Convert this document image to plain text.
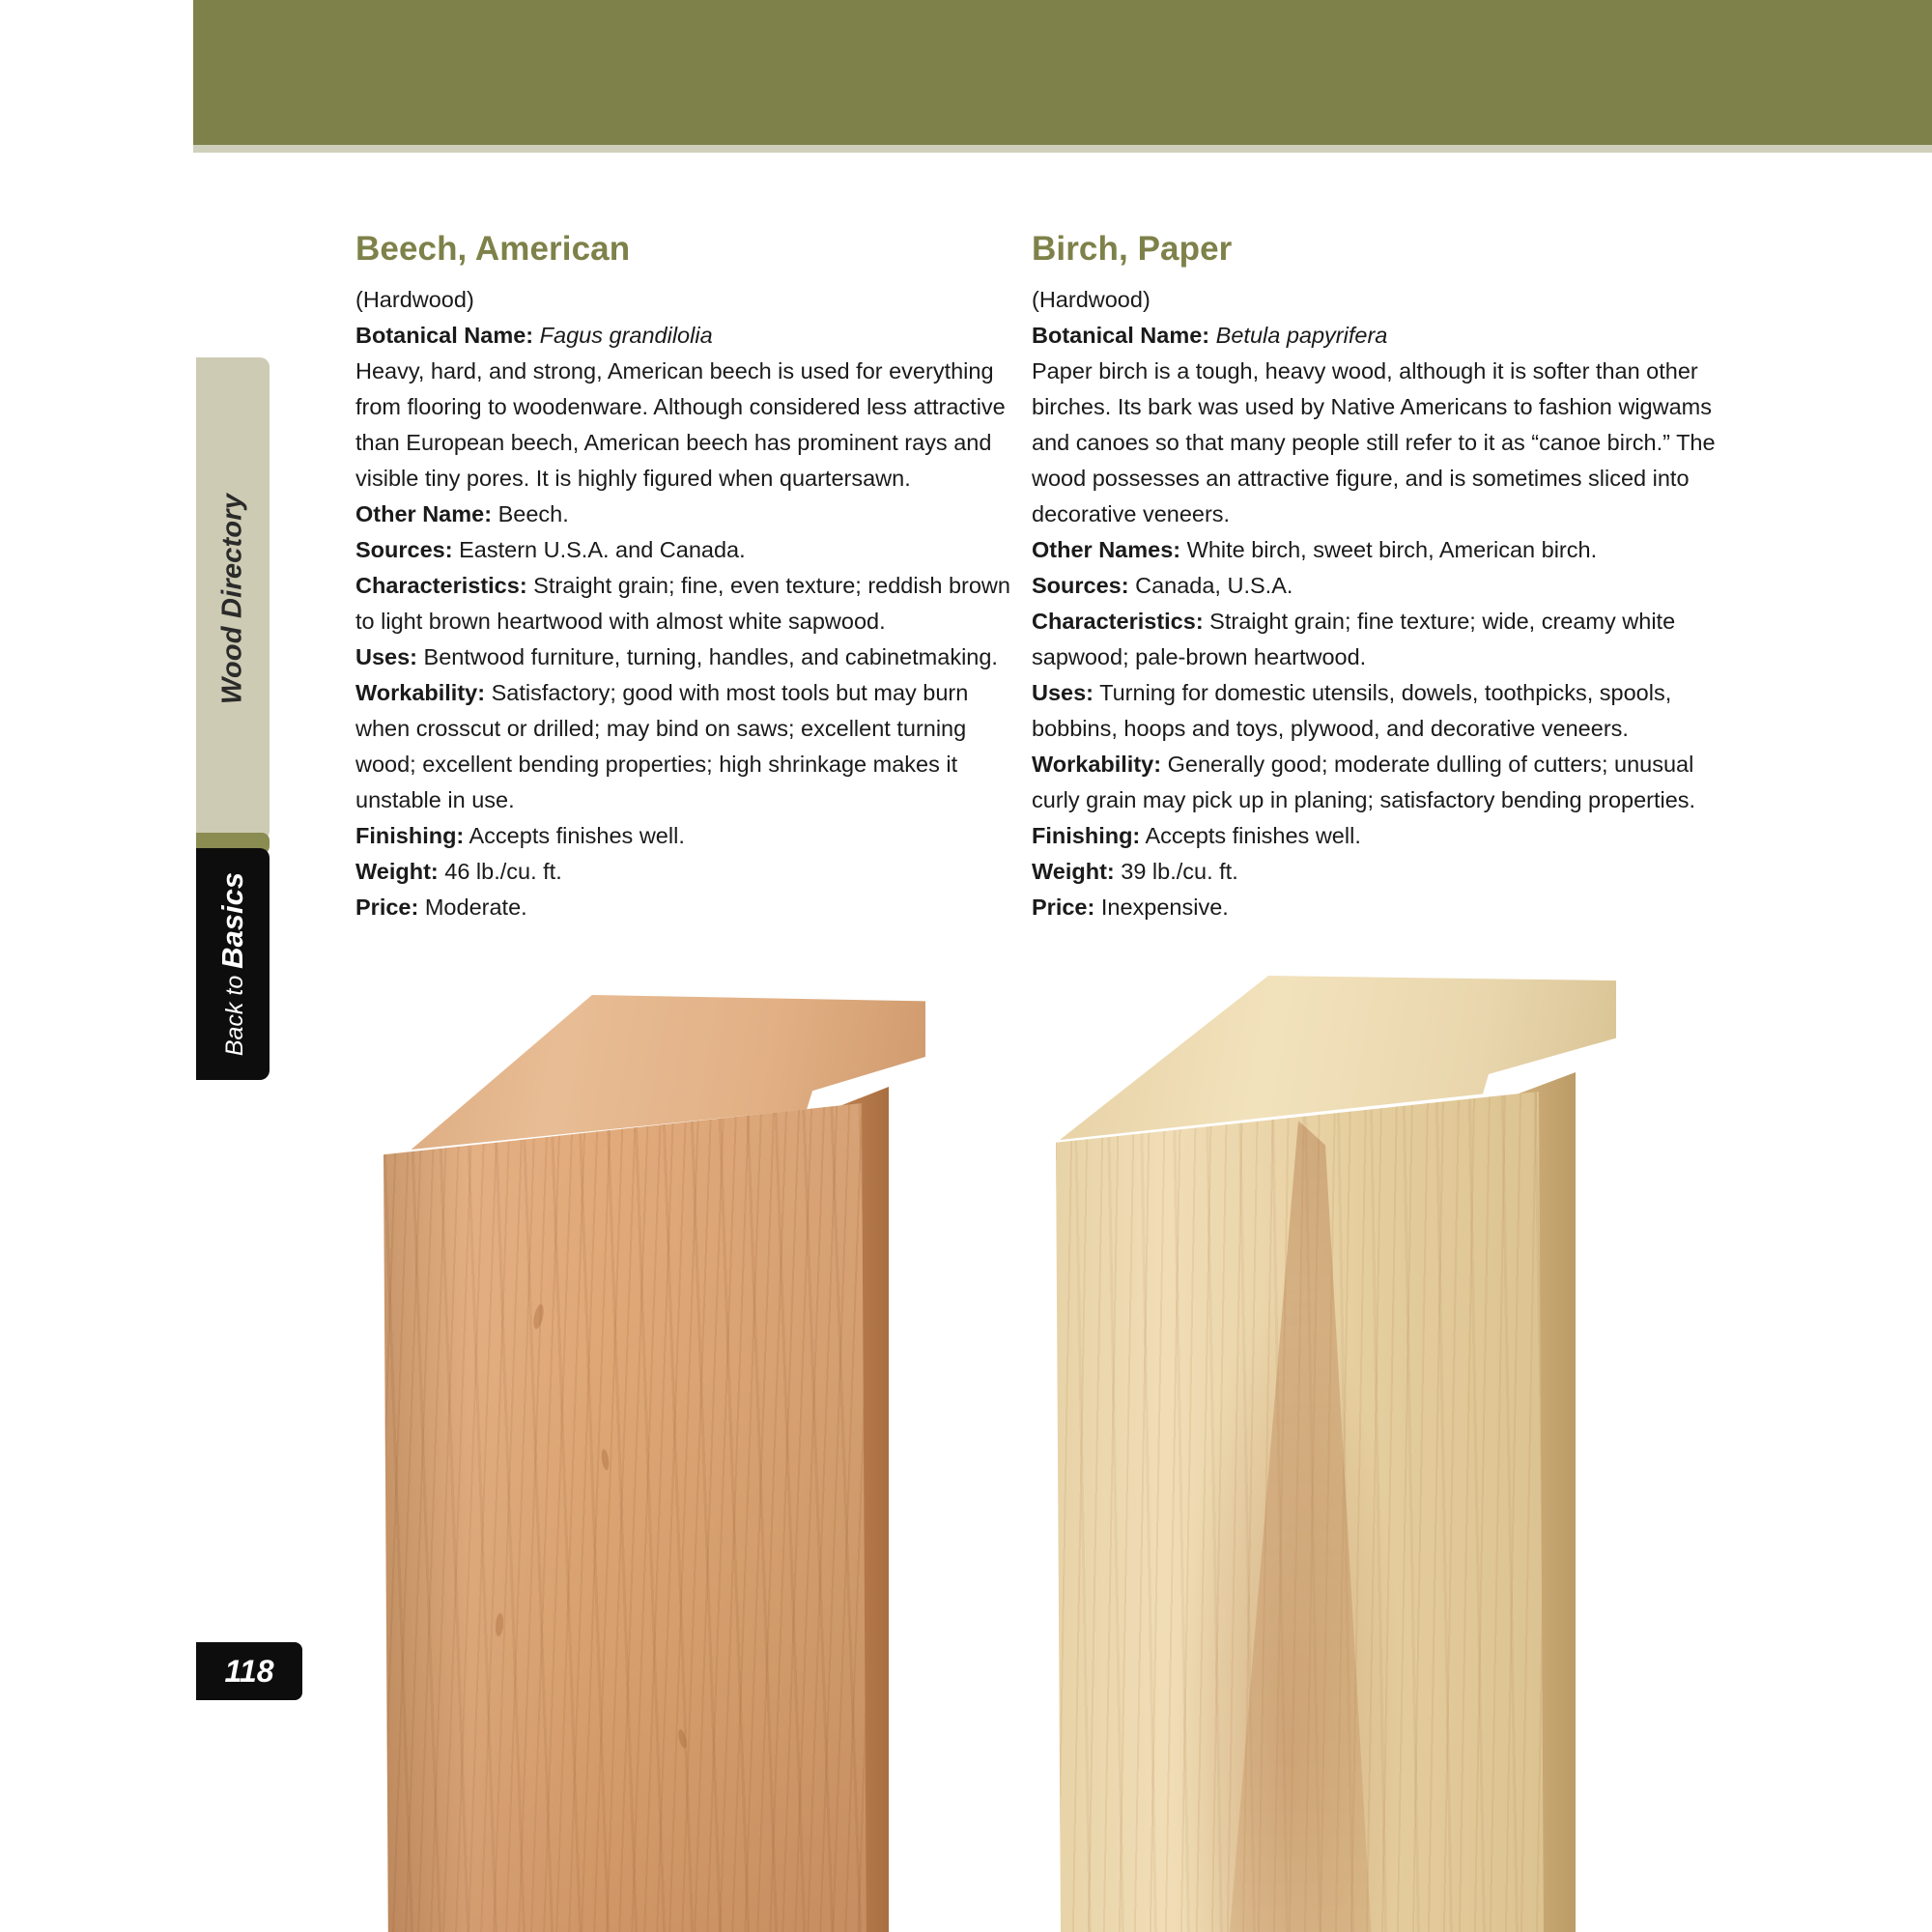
Wood Directory
Back to Basics
118
Beech, American

(Hardwood)

Botanical Name: Fagus grandilolia

Heavy, hard, and strong, American beech is used for everything from flooring to woodenware. Although considered less attractive than European beech, American beech has prominent rays and visible tiny pores. It is highly figured when quartersawn.

Other Name: Beech.

Sources: Eastern U.S.A. and Canada.

Characteristics: Straight grain; fine, even texture; reddish brown to light brown heartwood with almost white sapwood.

Uses: Bentwood furniture, turning, handles, and cabinetmaking.

Workability: Satisfactory; good with most tools but may burn when crosscut or drilled; may bind on saws; excellent turning wood; excellent bending properties; high shrinkage makes it unstable in use.

Finishing: Accepts finishes well.

Weight: 46 lb./cu. ft.

Price: Moderate.

Birch, Paper

(Hardwood)

Botanical Name: Betula papyrifera

Paper birch is a tough, heavy wood, although it is softer than other birches. Its bark was used by Native Americans to fashion wigwams and canoes so that many people still refer to it as “canoe birch.” The wood possesses an attractive figure, and is sometimes sliced into decorative veneers.

Other Names: White birch, sweet birch, American birch.

Sources: Canada, U.S.A.

Characteristics: Straight grain; fine texture; wide, creamy white sapwood; pale-brown heartwood.

Uses: Turning for domestic utensils, dowels, toothpicks, spools, bobbins, hoops and toys, plywood, and decorative veneers.

Workability: Generally good; moderate dulling of cutters; unusual curly grain may pick up in planing; satisfactory bending properties.

Finishing: Accepts finishes well.

Weight: 39 lb./cu. ft.

Price: Inexpensive.
